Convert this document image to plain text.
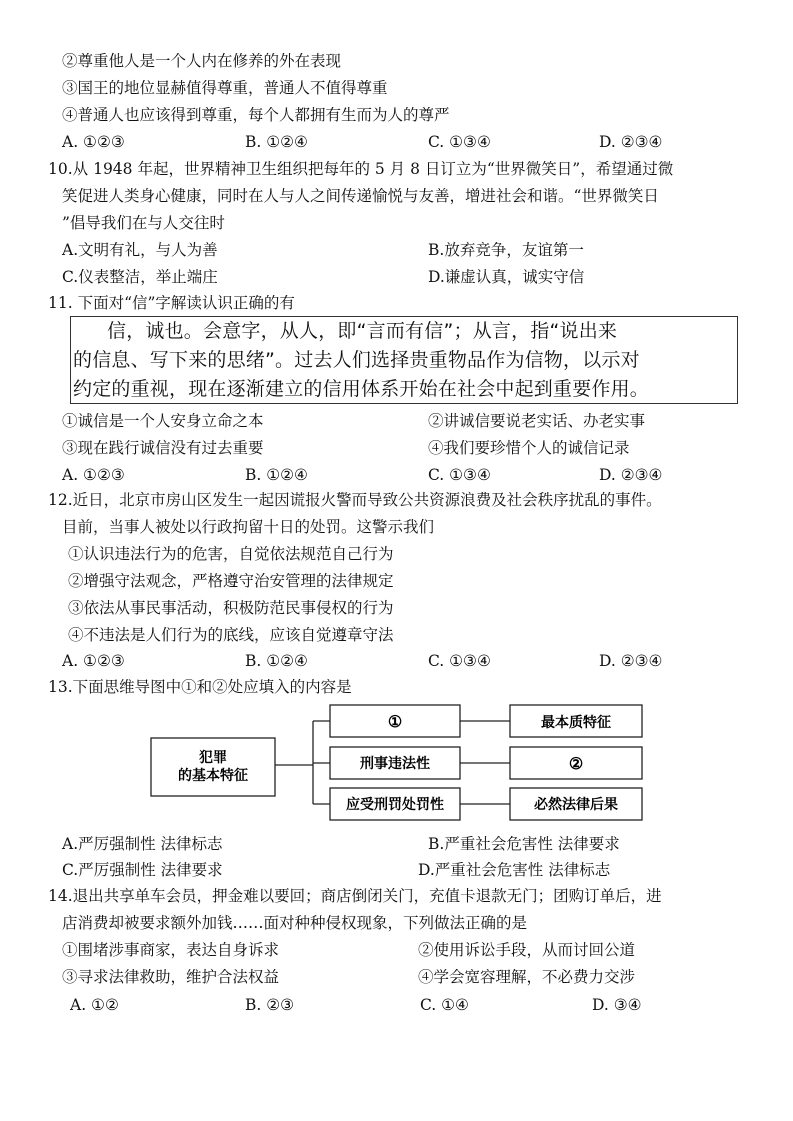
②尊重他人是一个人内在修养的外在表现
③国王的地位显赫值得尊重，普通人不值得尊重
④普通人也应该得到尊重，每个人都拥有生而为人的尊严
A. ①②③	B. ①②④	C. ①③④	D. ②③④
10.从 1948 年起，世界精神卫生组织把每年的 5 月 8 日订立为“世界微笑日”，希望通过微
笑促进人类身心健康，同时在人与人之间传递愉悦与友善，增进社会和谐。“世界微笑日
”倡导我们在与人交往时
A.文明有礼，与人为善	B.放弃竞争，友谊第一
C.仪表整洁，举止端庄	D.谦虚认真，诚实守信
11. 下面对“信”字解读认识正确的有
信，诚也。会意字，从人，即“言而有信”；从言，指“说出来
的信息、写下来的思绪”。过去人们选择贵重物品作为信物，以示对
约定的重视，现在逐渐建立的信用体系开始在社会中起到重要作用。
①诚信是一个人安身立命之本	②讲诚信要说老实话、办老实事
③现在践行诚信没有过去重要	④我们要珍惜个人的诚信记录
A. ①②③	B. ①②④	C. ①③④	D. ②③④
12.近日，北京市房山区发生一起因谎报火警而导致公共资源浪费及社会秩序扰乱的事件。
目前，当事人被处以行政拘留十日的处罚。这警示我们
①认识违法行为的危害，自觉依法规范自己行为
②增强守法观念，严格遵守治安管理的法律规定
③依法从事民事活动，积极防范民事侵权的行为
④不违法是人们行为的底线，应该自觉遵章守法
A. ①②③	B. ①②④	C. ①③④	D. ②③④
13.下面思维导图中①和②处应填入的内容是
犯罪
的基本特征
①
刑事违法性
应受刑罚处罚性
最本质特征
②
必然法律后果
A.严厉强制性 法律标志	B.严重社会危害性 法律要求
C.严厉强制性 法律要求	D.严重社会危害性 法律标志
14.退出共享单车会员，押金难以要回；商店倒闭关门，充值卡退款无门；团购订单后，进
店消费却被要求额外加钱……面对种种侵权现象，下列做法正确的是
①围堵涉事商家，表达自身诉求	②使用诉讼手段，从而讨回公道
③寻求法律救助，维护合法权益	④学会宽容理解，不必费力交涉
A. ①②	B. ②③	C. ①④	D. ③④
